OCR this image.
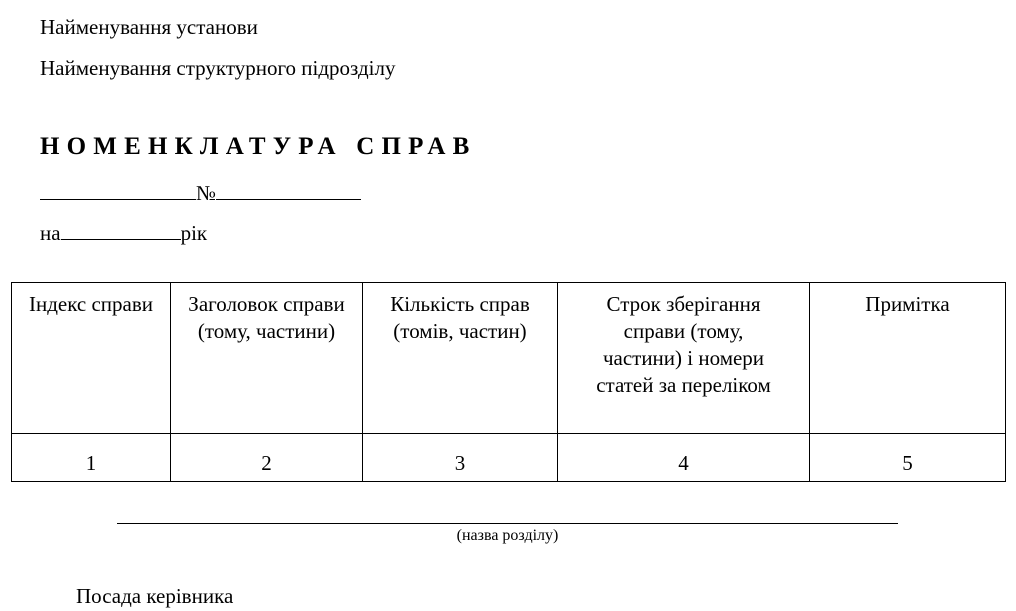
Найменування установи
Найменування структурного підрозділу
НОМЕНКЛАТУРА СПРАВ
№
на	рік
Індекс справи	Заголовок справи (тому, частини)	Кількість справ (томів, частин)	Строк зберігання справи (тому, частини) і номери статей за переліком	Примітка
1	2	3	4	5
(назва розділу)
Посада керівника
